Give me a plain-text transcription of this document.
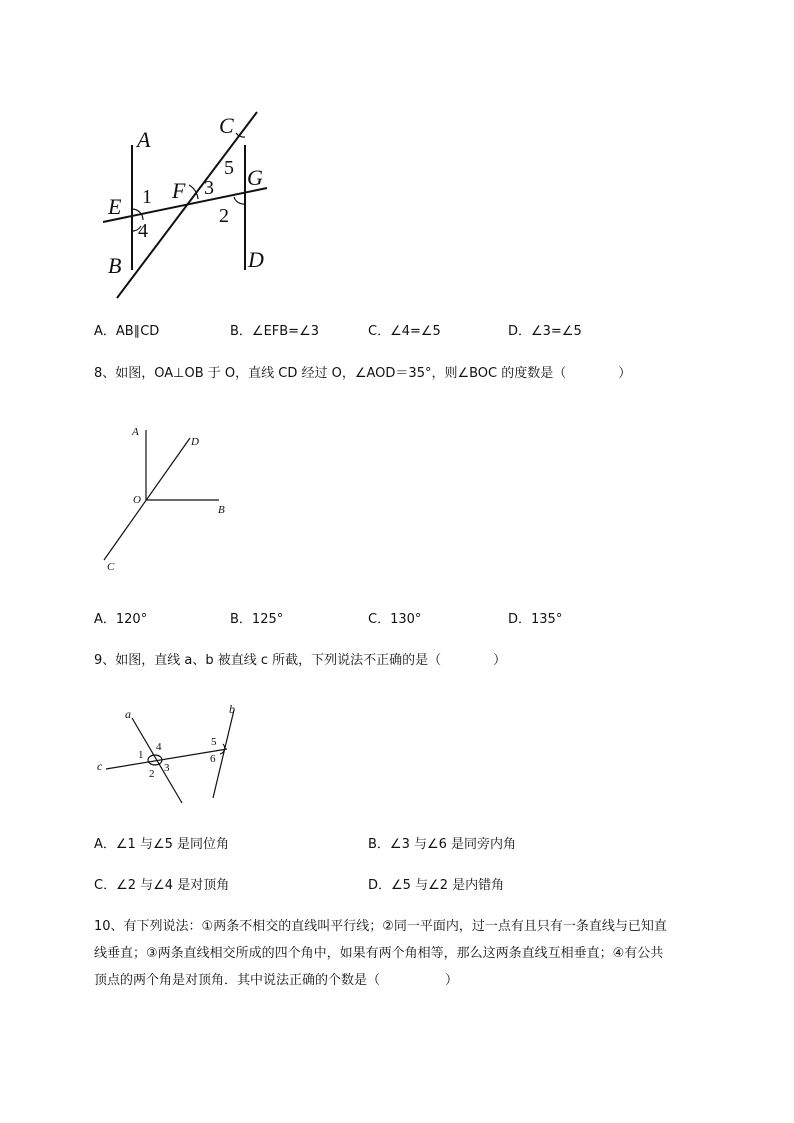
A
C
E
F
G
B	D
1
4
3
5
2
A．AB∥CD	B．∠EFB=∠3	C．∠4=∠5	D．∠3=∠5
8、如图，OA⊥OB 于 O，直线 CD 经过 O，∠AOD＝35°，则∠BOC 的度数是（　　　　）
A
D
O
B
C
A．120°	B．125°	C．130°	D．135°
9、如图，直线 a、b 被直线 c 所截，下列说法不正确的是（　　　　）
a	b
c
1
4
2 3
5
6
A．∠1 与∠5 是同位角	B．∠3 与∠6 是同旁内角
C．∠2 与∠4 是对顶角	D．∠5 与∠2 是内错角
10、有下列说法：①两条不相交的直线叫平行线；②同一平面内，过一点有且只有一条直线与已知直
线垂直；③两条直线相交所成的四个角中，如果有两个角相等，那么这两条直线互相垂直；④有公共
顶点的两个角是对顶角．其中说法正确的个数是（　　　　　）
